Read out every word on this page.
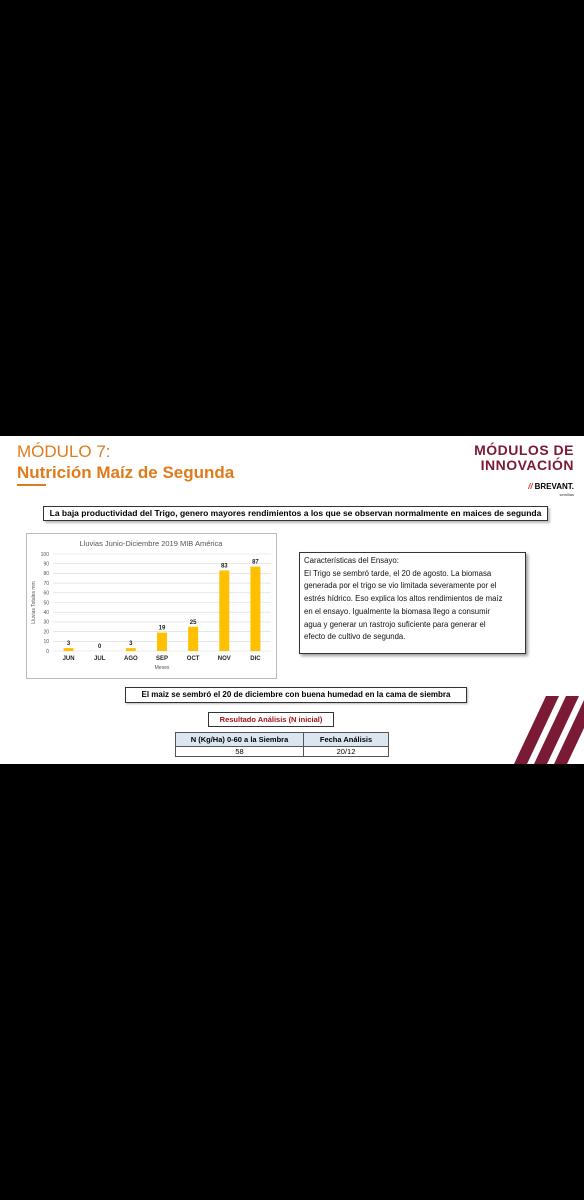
MÓDULO 7:
Nutrición Maíz de Segunda
MÓDULOS DE
INNOVACIÓN
// BREVANT.
semillas
La baja productividad del Trigo, genero mayores rendimientos a los que se observan normalmente en maices de segunda
Lluvias Junio-Diciembre 2019 MIB América
0
10
20
30
40
50
60
70
80
90
100
3
JUN
0
JUL
3
AGO
19
SEP
25
OCT
83
NOV
87
DIC
Meses
Lluvias Totales mm
Características del Ensayo:
El Trigo se sembró tarde, el 20 de agosto. La biomasa
generada por el trigo se vio limitada severamente por el
estrés hídrico. Eso explica los altos rendimientos de maíz
en el ensayo. Igualmente la biomasa llego a consumir
agua y generar un rastrojo suficiente para generar el
efecto de cultivo de segunda.
El maiz se sembró el 20 de diciembre con buena humedad en la cama de siembra
Resultado Análisis (N inicial)
N (Kg/Ha) 0-60 a la Siembra	Fecha Análisis
58	20/12
